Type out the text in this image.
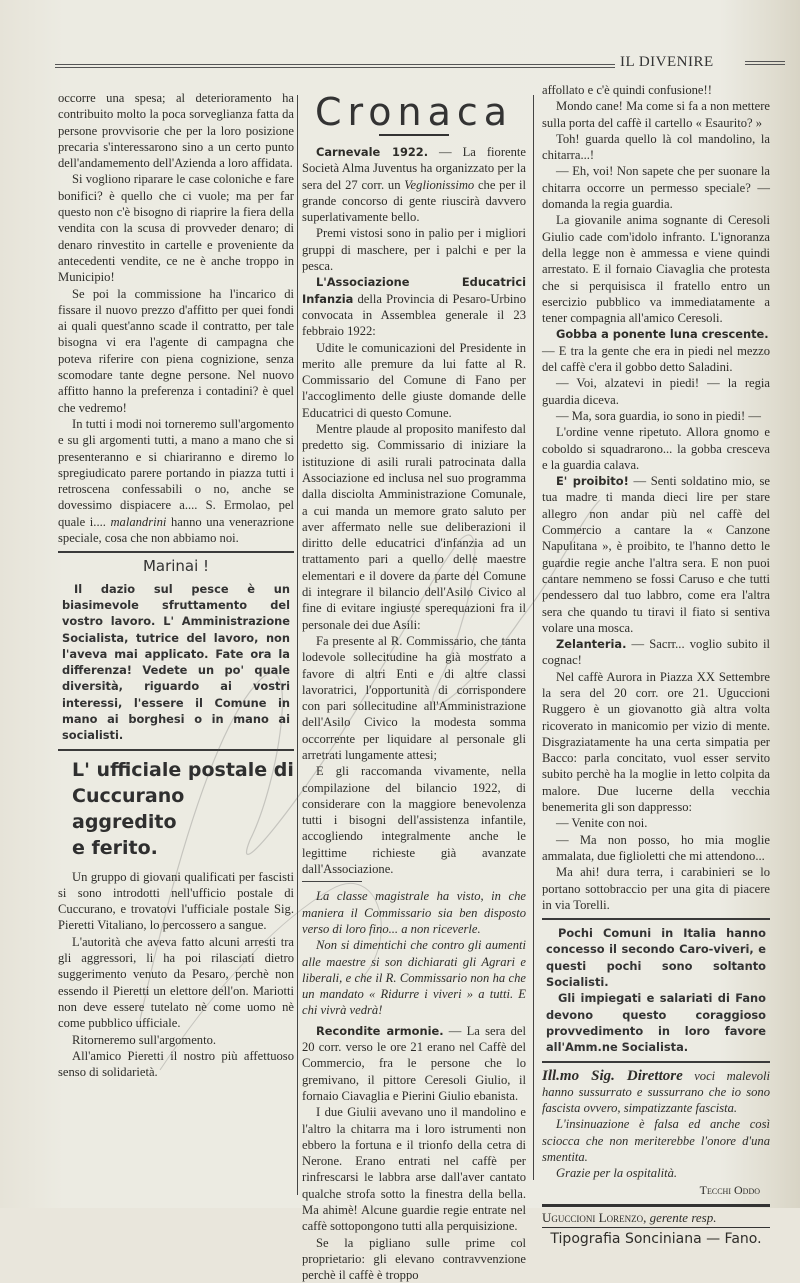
IL DIVENIRE

occorre una spesa; al deterioramento ha contribuito molto la poca sorveglianza fatta da persone provvisorie che per la loro posizione precaria s'interessarono sino a un certo punto dell'andamemento dell'Azienda a loro affidata.

Si vogliono riparare le case coloniche e fare bonifici? è quello che ci vuole; ma per far questo non c'è bisogno di riaprire la fiera della vendita con la scusa di provveder denaro; di denaro rinvestito in cartelle e proveniente da antecedenti vendite, ce ne è anche troppo in Municipio!

Se poi la commissione ha l'incarico di fissare il nuovo prezzo d'affitto per quei fondi ai quali quest'anno scade il contratto, per tale bisogna vi era l'agente di campagna che poteva riferire con piena cognizione, senza scomodare tante degne persone. Nel nuovo affitto hanno la preferenza i contadini? è quel che vedremo!

In tutti i modi noi torneremo sull'argomento e su gli argomenti tutti, a mano a mano che si presenteranno e si chiariranno e diremo lo spregiudicato parere portando in piazza tutti i retroscena confessabili o no, anche se dovessimo dispiacere a.... S. Ermolao, pel quale i.... malandrini hanno una venerazrione speciale, cosa che non abbiamo noi.

Marinai !

Il dazio sul pesce è un biasimevole sfruttamento del vostro lavoro. L' Amministrazione Socialista, tutrice del lavoro, non l'aveva mai applicato. Fate ora la differenza! Vedete un po' quale diversità, riguardo ai vostri interessi, l'essere il Comune in mano ai borghesi o in mano ai socialisti.

L' ufficiale postale di
Cuccurano aggredito
e ferito.

Un gruppo di giovani qualificati per fascisti si sono introdotti nell'ufficio postale di Cuccurano, e trovatovi l'ufficiale postale Sig. Pieretti Vitaliano, lo percossero a sangue.

L'autorità che aveva fatto alcuni arresti tra gli aggressori, li ha poi rilasciati dietro suggerimento venuto da Pesaro, perchè non essendo il Pieretti un elettore dell'on. Mariotti non deve essere tutelato nè come uomo nè come pubblico ufficiale.

Ritorneremo sull'argomento.

All'amico Pieretti il nostro più affettuoso senso di solidarietà.

Cronaca

Carnevale 1922. — La fiorente Società Alma Juventus ha organizzato per la sera del 27 corr. un Veglionissimo che per il grande concorso di gente riuscirà davvero superlativamente bello.

Premi vistosi sono in palio per i migliori gruppi di maschere, per i palchi e per la pesca.

L'Associazione Educatrici Infanzia della Provincia di Pesaro-Urbino convocata in Assemblea generale il 23 febbraio 1922:

Udite le comunicazioni del Presidente in merito alle premure da lui fatte al R. Commissario del Comune di Fano per l'accoglimento delle giuste domande delle Educatrici di questo Comune.

Mentre plaude al proposito manifesto dal predetto sig. Commissario di iniziare la istituzione di asili rurali patrocinata dalla Associazione ed inclusa nel suo programma dalla disciolta Amministrazione Comunale, a cui manda un memore grato saluto per aver affermato nelle sue deliberazioni il diritto delle educatrici d'infanzia ad un trattamento pari a quello delle maestre elementari e il dovere da parte del Comune di integrare il bilancio dell'Asilo Civico al fine di evitare ingiuste sperequazioni fra il personale dei due Asili:

Fa presente al R. Commissario, che tanta lodevole sollecitudine ha già mostrato a favore di altri Enti e di altre classi lavoratrici, l'opportunità di corrispondere con pari sollecitudine all'Amministrazione dell'Asilo Civico la modesta somma occorrente per liquidare al personale gli arretrati lungamente attesi;

E gli raccomanda vivamente, nella compilazione del bilancio 1922, di considerare con la maggiore benevolenza tutti i bisogni dell'assistenza infantile, accogliendo integralmente anche le legittime richieste già avanzate dall'Associazione.

La classe magistrale ha visto, in che maniera il Commissario sia ben disposto verso di loro fino... a non riceverle.

Non si dimentichi che contro gli aumenti alle maestre si son dichiarati gli Agrari e liberali, e che il R. Commissario non ha che un mandato « Ridurre i viveri » a tutti. E chi vivrà vedrà!

Recondite armonie. — La sera del 20 corr. verso le ore 21 erano nel Caffè del Commercio, fra le persone che lo gremivano, il pittore Ceresoli Giulio, il fornaio Ciavaglia e Pierini Giulio ebanista.

I due Giulii avevano uno il mandolino e l'altro la chitarra ma i loro istrumenti non ebbero la fortuna e il trionfo della cetra di Nerone. Erano entrati nel caffè per rinfrescarsi le labbra arse dall'aver cantato qualche strofa sotto la finestra della bella. Ma ahimè! Alcune guardie regie entrate nel caffè sottopongono tutti alla perquisizione.

Se la pigliano sulle prime col proprietario: gli elevano contravvenzione perchè il caffè è troppo

affollato e c'è quindi confusione!!

Mondo cane! Ma come si fa a non mettere sulla porta del caffè il cartello « Esaurito? »

Toh! guarda quello là col mandolino, la chitarra...!

— Eh, voi! Non sapete che per suonare la chitarra occorre un permesso speciale? — domanda la regia guardia.

La giovanile anima sognante di Ceresoli Giulio cade com'idolo infranto. L'ignoranza della legge non è ammessa e viene quindi arrestato. E il fornaio Ciavaglia che protesta che si perquisisca il fratello entro un esercizio pubblico va immediatamente a tener compagnia all'amico Ceresoli.

Gobba a ponente luna crescente.

— E tra la gente che era in piedi nel mezzo del caffè c'era il gobbo detto Saladini.

— Voi, alzatevi in piedi! — la regia guardia diceva.

— Ma, sora guardia, io sono in piedi! —

L'ordine venne ripetuto. Allora gnomo e coboldo si squadrarono... la gobba cresceva e la guardia calava.

E' proibito! — Senti soldatino mio, se tua madre ti manda dieci lire per stare allegro non andar più nel caffè del Commercio a cantare la « Canzone Napulitana », è proibito, te l'hanno detto le guardie regie anche l'altra sera. E non puoi cantare nemmeno se fossi Caruso e che tutti pendessero dal tuo labbro, come era l'altra sera che quando tu tiravi il fiato si sentiva volare una mosca.

Zelanteria. — Sacrr... voglio subito il cognac!

Nel caffè Aurora in Piazza XX Settembre la sera del 20 corr. ore 21. Uguccioni Ruggero è un giovanotto già altra volta ricoverato in manicomio per vizio di mente. Disgraziatamente ha una certa simpatia per Bacco: parla concitato, vuol esser servito subito perchè ha la moglie in letto colpita da malore. Due lucerne della vecchia benemerita gli son dappresso:

— Venite con noi.

— Ma non posso, ho mia moglie ammalata, due figlioletti che mi attendono...

Ma ahi! dura terra, i carabinieri se lo portano sottobraccio per una gita di piacere in via Torelli.

Pochi Comuni in Italia hanno concesso il secondo Caro-viveri, e questi pochi sono soltanto Socialisti.

Gli impiegati e salariati di Fano devono questo coraggioso provvedimento in loro favore all'Amm.ne Socialista.

Ill.mo Sig. Direttore voci malevoli hanno sussurrato e sussurrano che io sono fascista ovvero, simpatizzante fascista.

L'insinuazione è falsa ed anche così sciocca che non meriterebbe l'onore d'una smentita.

Grazie per la ospitalità.

Tecchi Oddo
Uguccioni Lorenzo, gerente resp.
Tipografia Sonciniana — Fano.
